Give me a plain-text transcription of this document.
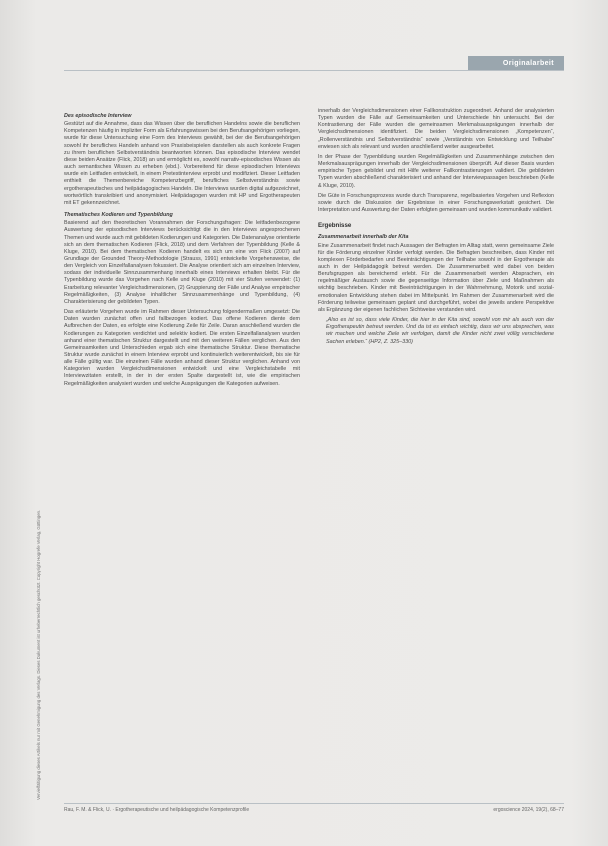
Originalarbeit
Vervielfältigung dieses Artikels nur mit Genehmigung des Verlags. Dieses Dokument ist urheberrechtlich geschützt. Copyright Hogrefe Verlag, Göttingen.

Des episodische Interview

Gestützt auf die Annahme, dass das Wissen über die beruflichen Handelns sowie die beruflichen Kompetenzen häufig in impliziter Form als Erfahrungswissen bei den Berufsangehörigen vorliegen, wurde für diese Untersuchung eine Form des Interviews gewählt, bei der die Berufsangehörigen sowohl ihr berufliches Handeln anhand von Praxisbeispielen darstellen als auch konkrete Fragen zu ihrem beruflichen Selbstverständnis beantworten können. Das episodische Interview wendet diese beiden Ansätze (Flick, 2018) an und ermöglicht es, sowohl narrativ-episodisches Wissen als auch semantisches Wissen zu erheben (ebd.). Vorbereitend für diese episodischen Interviews wurde ein Leitfaden entwickelt, in einem Pretestinterview erprobt und modifiziert. Dieser Leitfaden enthielt die Themenbereiche Kompetenzbegriff, berufliches Selbstverständnis sowie ergotherapeutisches und heilpädagogisches Handeln. Die Interviews wurden digital aufgezeichnet, wortwörtlich transkribiert und anonymisiert. Heilpädagogen wurden mit HP und Ergotherapeuten mit ET gekennzeichnet.

Thematisches Kodieren und Typenbildung

Basierend auf den theoretischen Vorannahmen der Forschungsfragen: Die leitfadenbezogene Auswertung der episodischen Interviews berücksichtigt die in den Interviews angesprochenen Themen und wurde auch mit gebildeten Kodierungen und Kategorien. Die Datenanalyse orientierte sich an dem thematischen Kodieren (Flick, 2018) und dem Verfahren der Typenbildung (Kelle & Kluge, 2010). Bei dem thematischen Kodieren handelt es sich um eine von Flick (2007) auf Grundlage der Grounded Theory-Methodologie (Strauss, 1991) entwickelte Vorgehensweise, die den Vergleich von Einzelfallanalysen fokussiert. Die Analyse orientiert sich am einzelnen Interview, sodass der individuelle Sinnzusammenhang innerhalb eines Interviews erhalten bleibt. Für die Typenbildung wurde das Vorgehen nach Kelle und Kluge (2010) mit vier Stufen verwendet: (1) Erarbeitung relevanter Vergleichsdimensionen, (2) Gruppierung der Fälle und Analyse empirischer Regelmäßigkeiten, (3) Analyse inhaltlicher Sinnzusammenhänge und Typenbildung, (4) Charakterisierung der gebildeten Typen.

Das erläuterte Vorgehen wurde im Rahmen dieser Untersuchung folgendermaßen umgesetzt: Die Daten wurden zunächst offen und fallbezogen kodiert. Das offene Kodieren diente dem Aufbrechen der Daten, es erfolgte eine Kodierung Zeile für Zeile. Daran anschließend wurden die Kodierungen zu Kategorien verdichtet und selektiv kodiert. Die ersten Einzelfallanalysen wurden anhand einer thematischen Struktur dargestellt und mit den weiteren Fällen verglichen. Aus den Gemeinsamkeiten und Unterschieden ergab sich eine thematische Struktur. Diese thematische Struktur wurde zunächst in einem Interview erprobt und kontinuierlich weiterentwickelt, bis sie für alle Fälle gültig war. Die einzelnen Fälle wurden anhand dieser Struktur verglichen. Anhand von Kategorien wurden Vergleichsdimensionen entwickelt und eine Vergleichstabelle mit Interviewzitaten erstellt, in der in der ersten Spalte dargestellt ist, wie die empirischen Regelmäßigkeiten analysiert wurden und welche Ausprägungen die Kategorien aufweisen.

innerhalb der Vergleichsdimensionen einer Fallkonstruktion zugeordnet. Anhand der analysierten Typen wurden die Fälle auf Gemeinsamkeiten und Unterschiede hin untersucht. Bei der Kontrastierung der Fälle wurden die gemeinsamen Merkmalsausprägungen innerhalb der Vergleichsdimensionen identifiziert. Die beiden Vergleichsdimensionen „Kompetenzen“, „Rollenverständnis und Selbstverständnis“ sowie „Verständnis von Entwicklung und Teilhabe“ erwiesen sich als relevant und wurden anschließend weiter ausgearbeitet.

In der Phase der Typenbildung wurden Regelmäßigkeiten und Zusammenhänge zwischen den Merkmalsausprägungen innerhalb der Vergleichsdimensionen überprüft. Auf dieser Basis wurden empirische Typen gebildet und mit Hilfe weiterer Fallkontrastierungen validiert. Die gebildeten Typen wurden abschließend charakterisiert und anhand der Interviewpassagen beschrieben (Kelle & Kluge, 2010).

Die Güte in Forschungsprozess wurde durch Transparenz, regelbasiertes Vorgehen und Reflexion sowie durch die Diskussion der Ergebnisse in einer Forschungswerkstatt gesichert. Die Interpretation und Auswertung der Daten erfolgten gemeinsam und wurden kommunikativ validiert.

Ergebnisse

Zusammenarbeit innerhalb der Kita

Eine Zusammenarbeit findet nach Aussagen der Befragten im Alltag statt, wenn gemeinsame Ziele für die Förderung einzelner Kinder verfolgt werden. Die Befragten beschreiben, dass Kinder mit komplexen Förderbedarfen und Beeinträchtigungen der Teilhabe sowohl in der Ergotherapie als auch in der Heilpädagogik betreut werden. Die Zusammenarbeit wird dabei von beiden Berufsgruppen als bereichernd erlebt. Für die Zusammenarbeit werden Absprachen, ein regelmäßiger Austausch sowie die gegenseitige Information über Ziele und Maßnahmen als wichtig beschrieben. Kinder mit Beeinträchtigungen in der Wahrnehmung, Motorik und sozial-emotionalen Entwicklung stehen dabei im Mittelpunkt. Im Rahmen der Zusammenarbeit wird die Förderung teilweise gemeinsam geplant und durchgeführt, wobei die jeweils andere Perspektive als Ergänzung der eigenen fachlichen Sichtweise verstanden wird.

„Also es ist so, dass viele Kinder, die hier in der Kita sind, sowohl von mir als auch von der Ergotherapeutin betreut werden. Und da ist es einfach wichtig, dass wir uns absprechen, was wir machen und welche Ziele wir verfolgen, damit die Kinder nicht zwei völlig verschiedene Sachen erleben.“ (HP2, Z. 325–330)

Rau, F. M. & Flick, U. · Ergotherapeutische und heilpädagogische Kompetenzprofile	ergoscience 2024, 19(2), 68–77
